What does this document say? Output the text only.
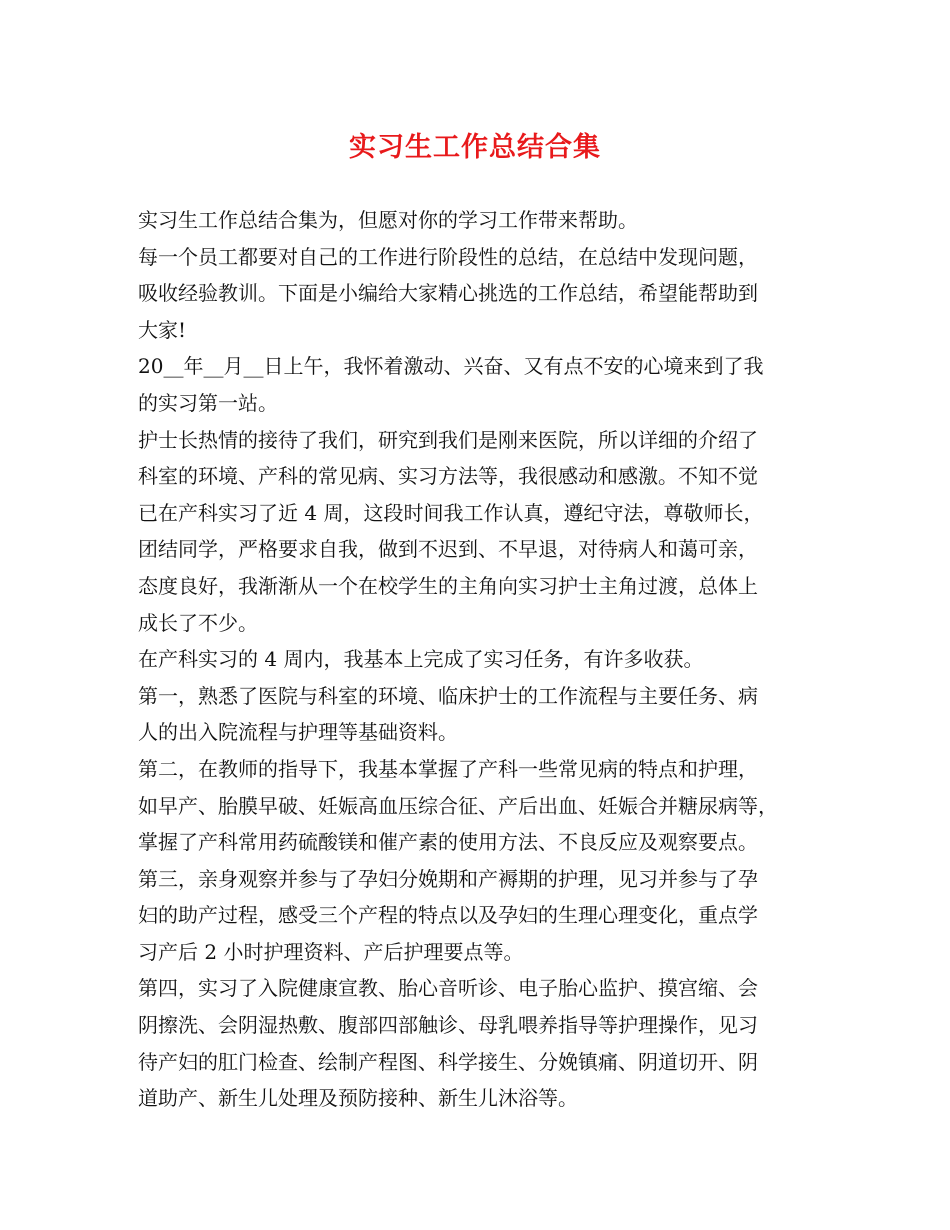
实习生工作总结合集
实习生工作总结合集为，但愿对你的学习工作带来帮助。
每一个员工都要对自己的工作进行阶段性的总结，在总结中发现问题，
吸收经验教训。下面是小编给大家精心挑选的工作总结，希望能帮助到
大家!
20__年__月__日上午，我怀着激动、兴奋、又有点不安的心境来到了我
的实习第一站。
护士长热情的接待了我们，研究到我们是刚来医院，所以详细的介绍了
科室的环境、产科的常见病、实习方法等，我很感动和感激。不知不觉
已在产科实习了近 4 周，这段时间我工作认真，遵纪守法，尊敬师长，
团结同学，严格要求自我，做到不迟到、不早退，对待病人和蔼可亲，
态度良好，我渐渐从一个在校学生的主角向实习护士主角过渡，总体上
成长了不少。
在产科实习的 4 周内，我基本上完成了实习任务，有许多收获。
第一，熟悉了医院与科室的环境、临床护士的工作流程与主要任务、病
人的出入院流程与护理等基础资料。
第二，在教师的指导下，我基本掌握了产科一些常见病的特点和护理，
如早产、胎膜早破、妊娠高血压综合征、产后出血、妊娠合并糖尿病等，
掌握了产科常用药硫酸镁和催产素的使用方法、不良反应及观察要点。
第三，亲身观察并参与了孕妇分娩期和产褥期的护理，见习并参与了孕
妇的助产过程，感受三个产程的特点以及孕妇的生理心理变化，重点学
习产后 2 小时护理资料、产后护理要点等。
第四，实习了入院健康宣教、胎心音听诊、电子胎心监护、摸宫缩、会
阴擦洗、会阴湿热敷、腹部四部触诊、母乳喂养指导等护理操作，见习
待产妇的肛门检查、绘制产程图、科学接生、分娩镇痛、阴道切开、阴
道助产、新生儿处理及预防接种、新生儿沐浴等。
